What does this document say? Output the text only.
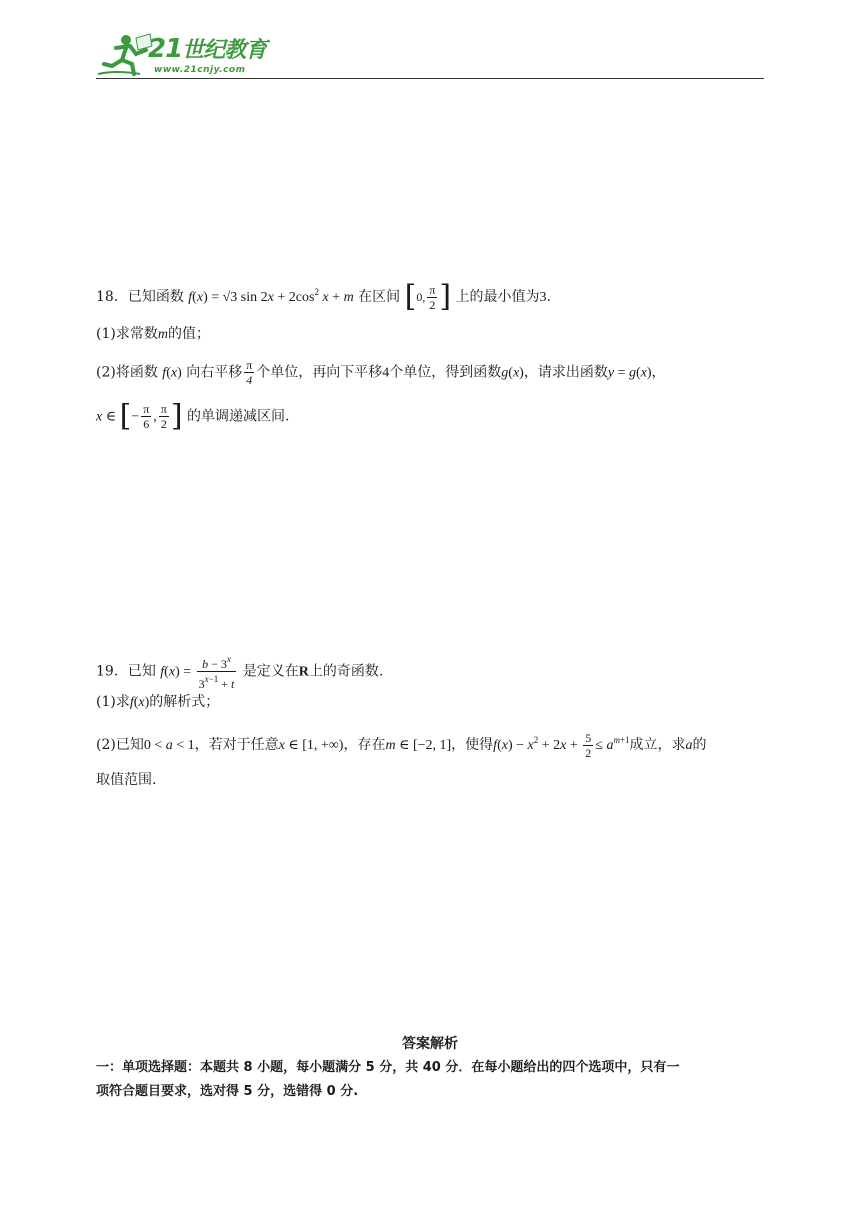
21世纪教育
www.21cnjy.com
18．已知函数 f(x) = √3 $\sin 2x + 2\cos^2$ x + m 在区间 [0, $\frac{\pi}{2}$ ] 上的最小值为3.
(1)求常数m的值；
(2)将函数 f(x) 向右平移 $\frac{\pi}{4}$ 个单位，再向下平移4个单位，得到函数g(x)，请求出函数y = g(x)，
x ∈ [− $\frac{\pi}{6}$ , $\frac{\pi}{2}$ ] 的单调递减区间.
19．已知 $f(x) = \frac{b - 3^x}{3^{x-1} + t}$ 是定义在R上的奇函数.
(1)求f(x)的解析式；
(2)已知0 < a < 1，若对于任意x ∈ [1, +∞)，存在m ∈ [−2, 1]，使得$f(x) - x^2 + 2x + \frac{5}{2} \le a^{m+1}$成立，求a的
取值范围.
答案解析
一：单项选择题：本题共 8 小题，每小题满分 5 分，共 40 分．在每小题给出的四个选项中，只有一
项符合题目要求，选对得 5 分，选错得 0 分.
